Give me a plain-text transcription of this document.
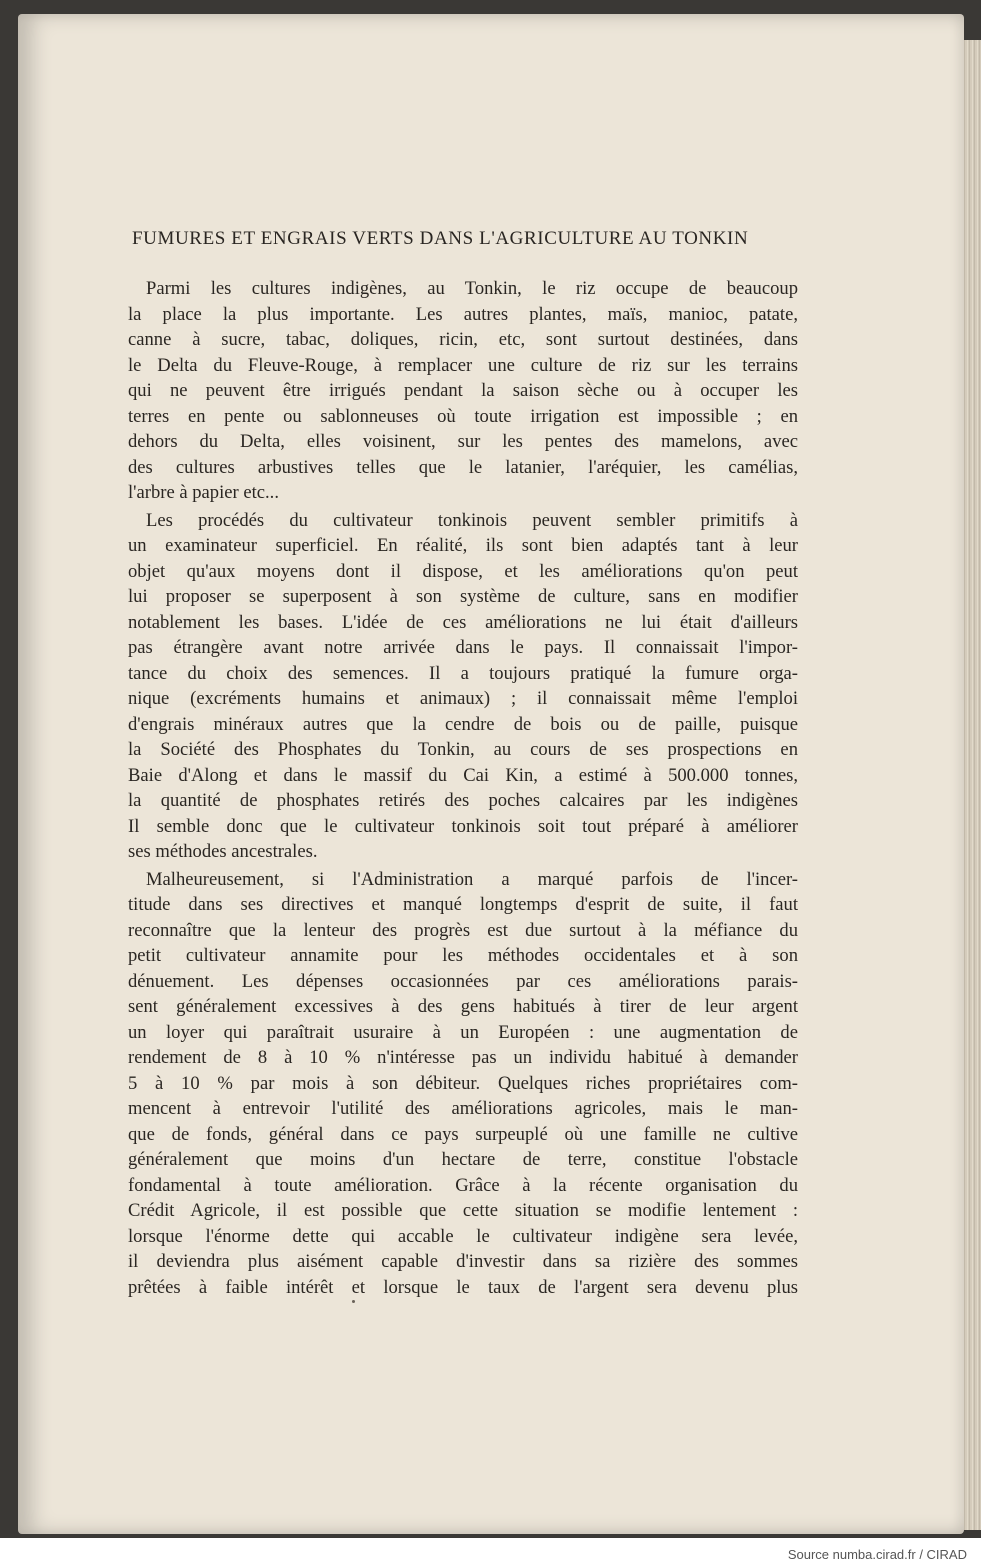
FUMURES ET ENGRAIS VERTS DANS L'AGRICULTURE AU TONKIN
Parmi les cultures indigènes, au Tonkin, le riz occupe de beaucoup
la place la plus importante. Les autres plantes, maïs, manioc, patate,
canne à sucre, tabac, doliques, ricin, etc, sont surtout destinées, dans
le Delta du Fleuve-Rouge, à remplacer une culture de riz sur les terrains
qui ne peuvent être irrigués pendant la saison sèche ou à occuper les
terres en pente ou sablonneuses où toute irrigation est impossible ; en
dehors du Delta, elles voisinent, sur les pentes des mamelons, avec
des cultures arbustives telles que le latanier, l'aréquier, les camélias,
l'arbre à papier etc...
Les procédés du cultivateur tonkinois peuvent sembler primitifs à
un examinateur superficiel. En réalité, ils sont bien adaptés tant à leur
objet qu'aux moyens dont il dispose, et les améliorations qu'on peut
lui proposer se superposent à son système de culture, sans en modifier
notablement les bases. L'idée de ces améliorations ne lui était d'ailleurs
pas étrangère avant notre arrivée dans le pays. Il connaissait l'impor-
tance du choix des semences. Il a toujours pratiqué la fumure orga-
nique (excréments humains et animaux) ; il connaissait même l'emploi
d'engrais minéraux autres que la cendre de bois ou de paille, puisque
la Société des Phosphates du Tonkin, au cours de ses prospections en
Baie d'Along et dans le massif du Cai Kin, a estimé à 500.000 tonnes,
la quantité de phosphates retirés des poches calcaires par les indigènes
Il semble donc que le cultivateur tonkinois soit tout préparé à améliorer
ses méthodes ancestrales.
Malheureusement, si l'Administration a marqué parfois de l'incer-
titude dans ses directives et manqué longtemps d'esprit de suite, il faut
reconnaître que la lenteur des progrès est due surtout à la méfiance du
petit cultivateur annamite pour les méthodes occidentales et à son
dénuement. Les dépenses occasionnées par ces améliorations parais-
sent généralement excessives à des gens habitués à tirer de leur argent
un loyer qui paraîtrait usuraire à un Européen : une augmentation de
rendement de 8 à 10 % n'intéresse pas un individu habitué à demander
5 à 10 % par mois à son débiteur. Quelques riches propriétaires com-
mencent à entrevoir l'utilité des améliorations agricoles, mais le man-
que de fonds, général dans ce pays surpeuplé où une famille ne cultive
généralement que moins d'un hectare de terre, constitue l'obstacle
fondamental à toute amélioration. Grâce à la récente organisation du
Crédit Agricole, il est possible que cette situation se modifie lentement :
lorsque l'énorme dette qui accable le cultivateur indigène sera levée,
il deviendra plus aisément capable d'investir dans sa rizière des sommes
prêtées à faible intérêt et lorsque le taux de l'argent sera devenu plus
Source numba.cirad.fr / CIRAD
